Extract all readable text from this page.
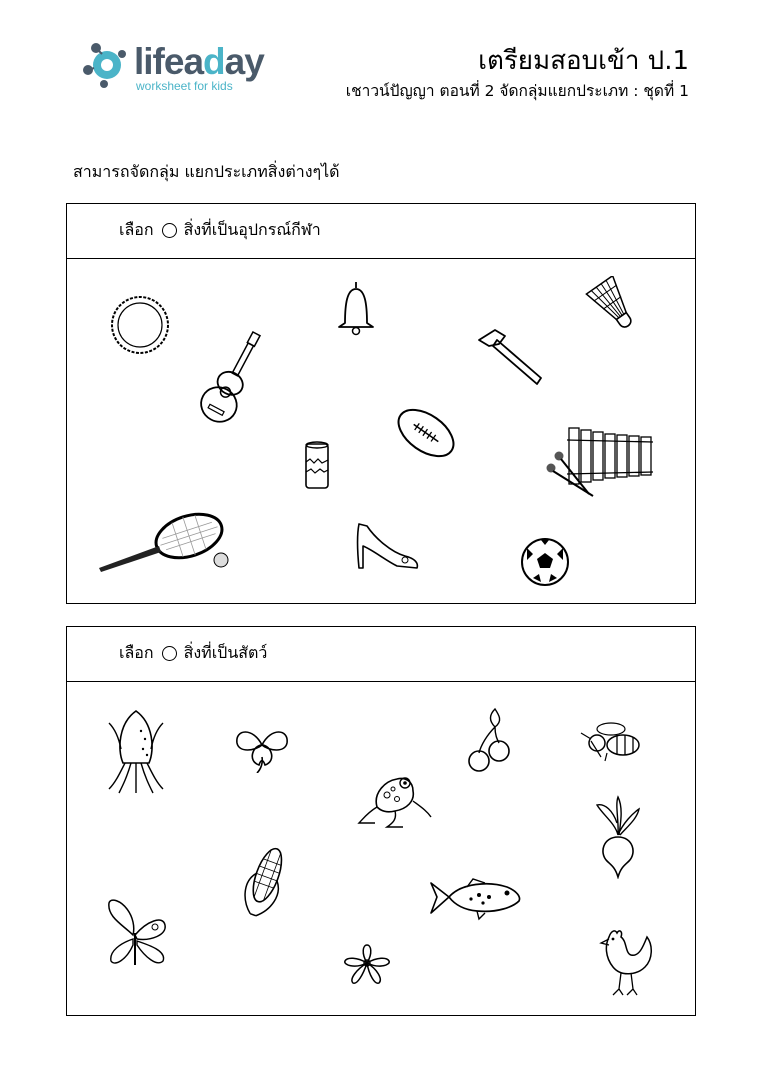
lifeaday
worksheet for kids
เตรียมสอบเข้า ป.1
เชาวน์ปัญญา ตอนที่ 2 จัดกลุ่มแยกประเภท : ชุดที่ 1
สามารถจัดกลุ่ม แยกประเภทสิ่งต่างๆได้
เลือก สิ่งที่เป็นอุปกรณ์กีฬา
เลือก สิ่งที่เป็นสัตว์
